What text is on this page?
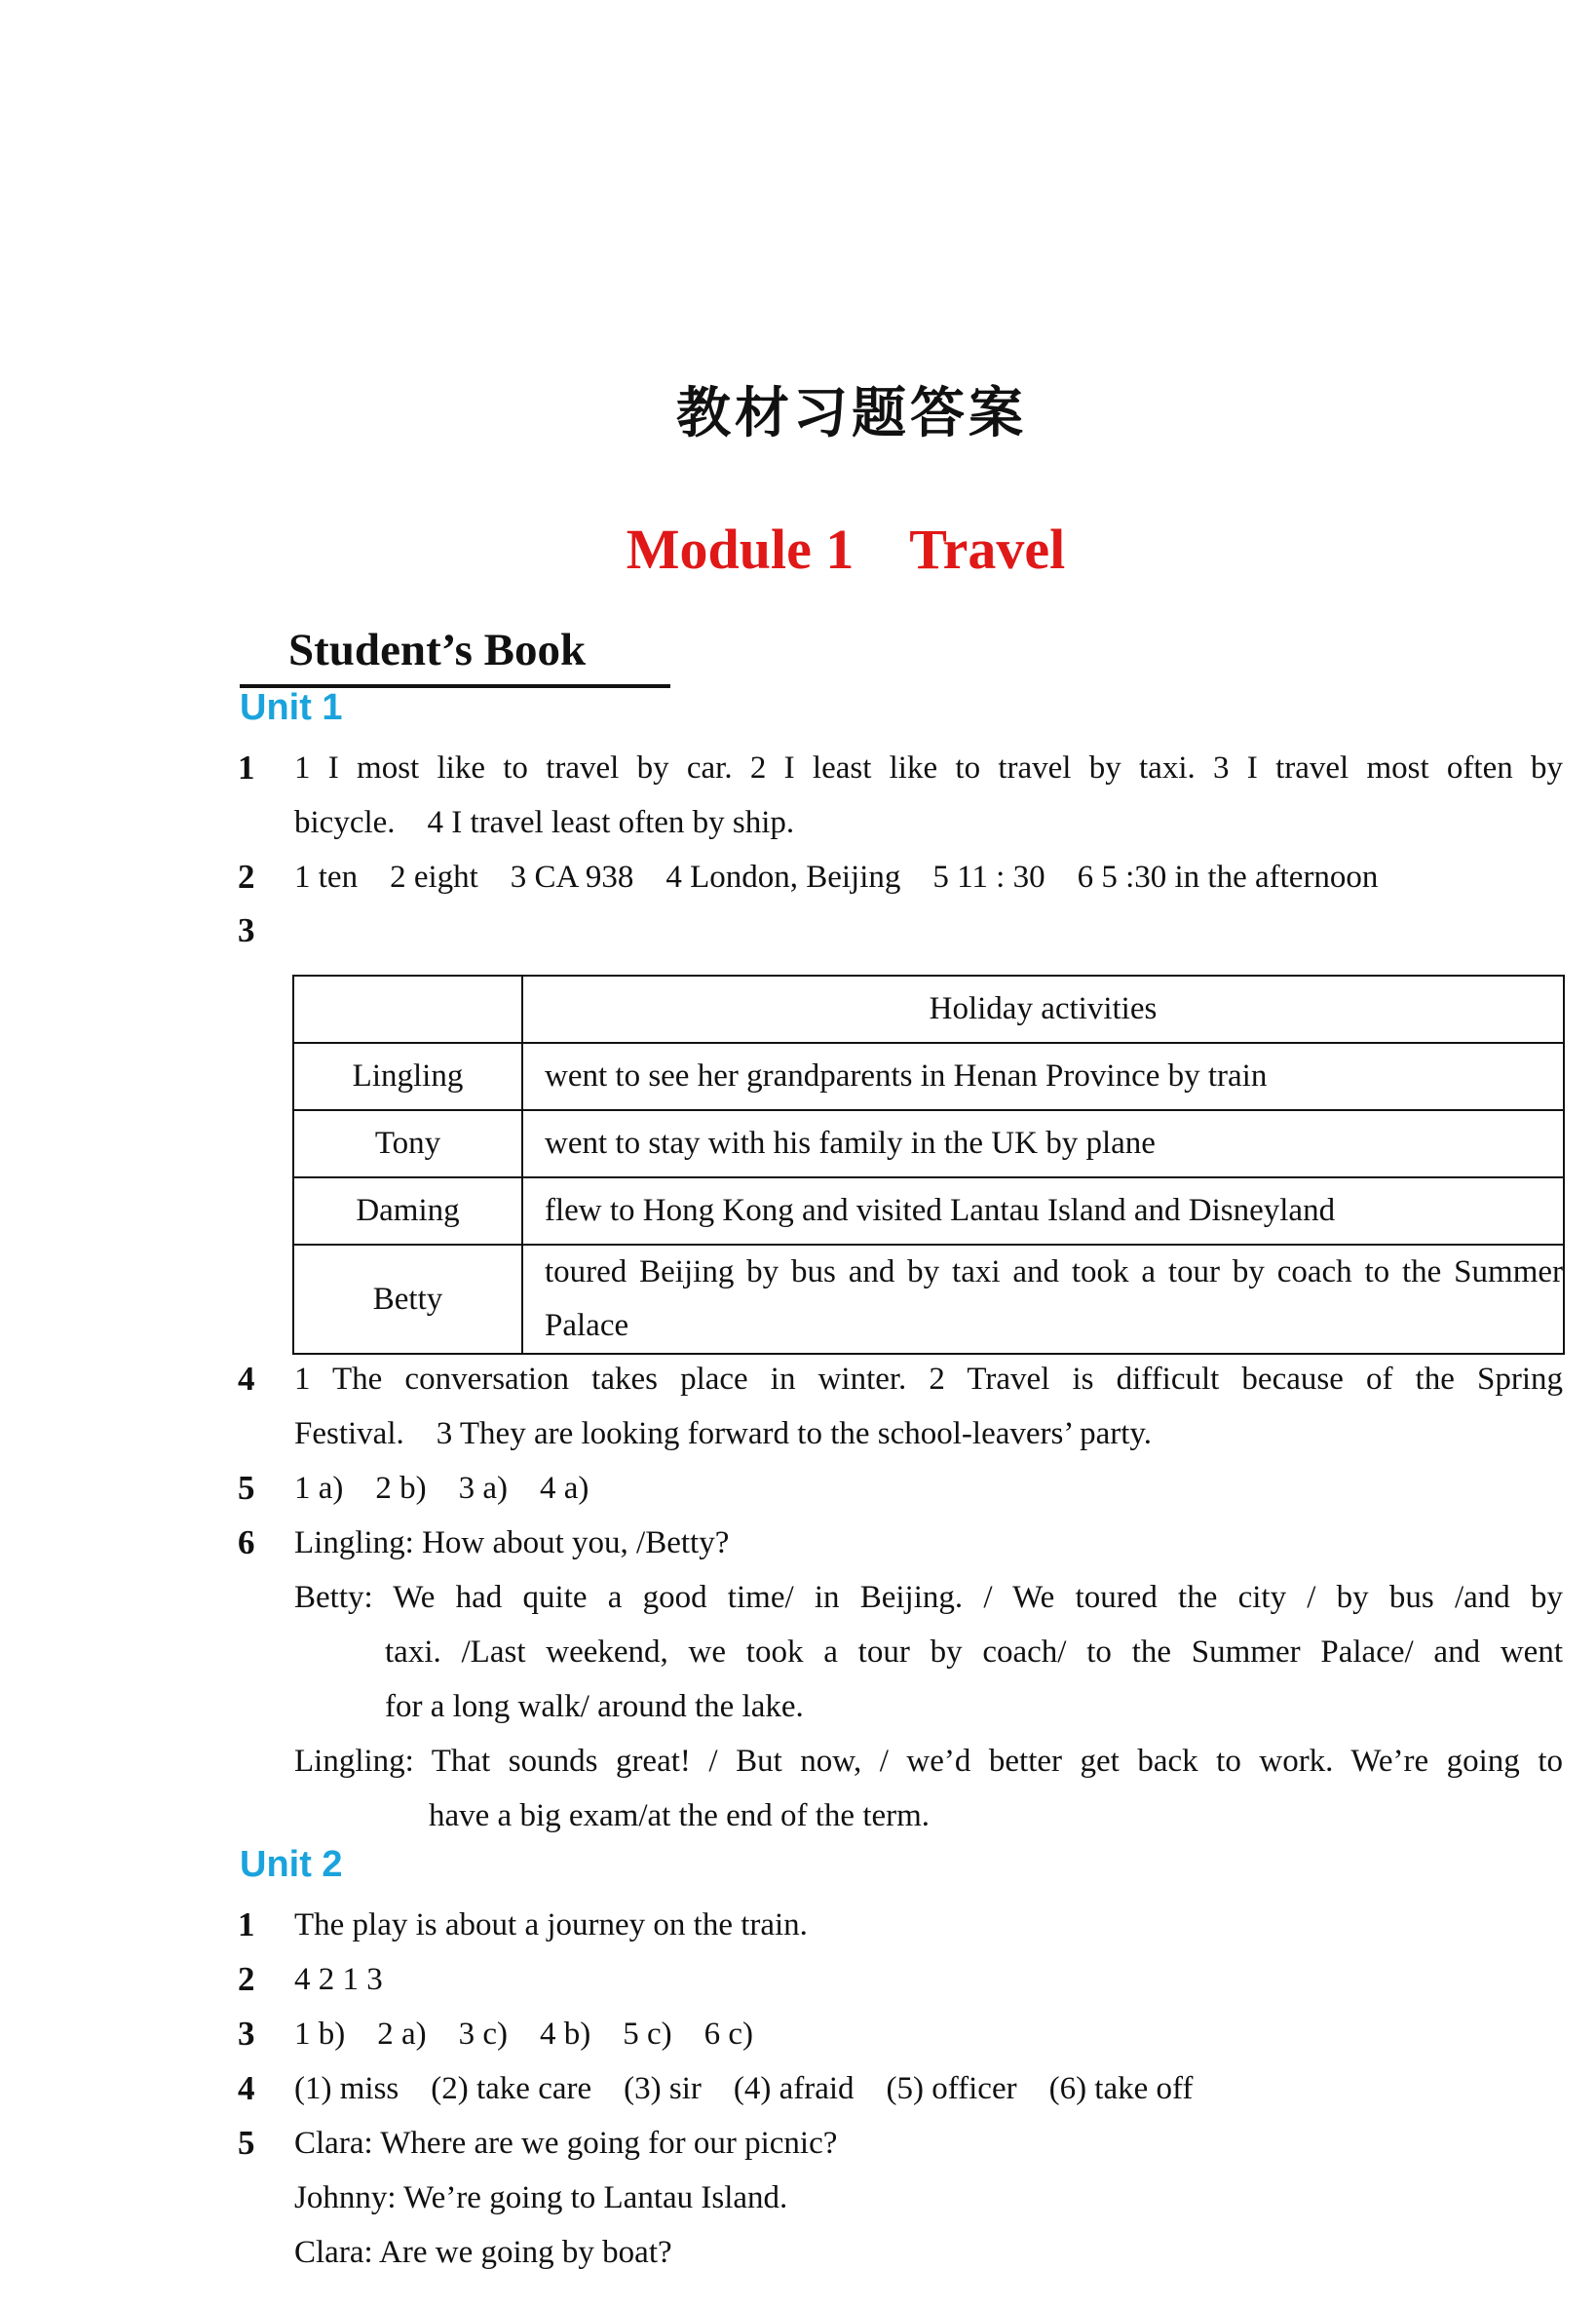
教材习题答案
Module 1    Travel
Student’s Book
Unit 1
1 1 I most like to travel by car. 2 I least like to travel by taxi. 3 I travel most often by
bicycle.    4 I travel least often by ship.
2 1 ten    2 eight    3 CA 938    4 London, Beijing    5 11 : 30    6 5 :30 in the afternoon
3
	Holiday activities
Lingling	went to see her grandparents in Henan Province by train
Tony	went to stay with his family in the UK by plane
Daming	flew to Hong Kong and visited Lantau Island and Disneyland
Betty	toured Beijing by bus and by taxi and took a tour by coach to the Summer Palace
4 1 The conversation takes place in winter. 2 Travel is difficult because of the Spring
Festival.    3 They are looking forward to the school-leavers’ party.
5 1 a)    2 b)    3 a)    4 a)
6 Lingling: How about you, /Betty?
Betty: We had quite a good time/ in Beijing. / We toured the city / by bus /and by
taxi. /Last weekend, we took a tour by coach/ to the Summer Palace/ and went
for a long walk/ around the lake.
Lingling: That sounds great! / But now, / we’d better get back to work. We’re going to
have a big exam/at the end of the term.
Unit 2
1 The play is about a journey on the train.
2 4 2 1 3
3 1 b)    2 a)    3 c)    4 b)    5 c)    6 c)
4 (1) miss    (2) take care    (3) sir    (4) afraid    (5) officer    (6) take off
5 Clara: Where are we going for our picnic?
Johnny: We’re going to Lantau Island.
Clara: Are we going by boat?
